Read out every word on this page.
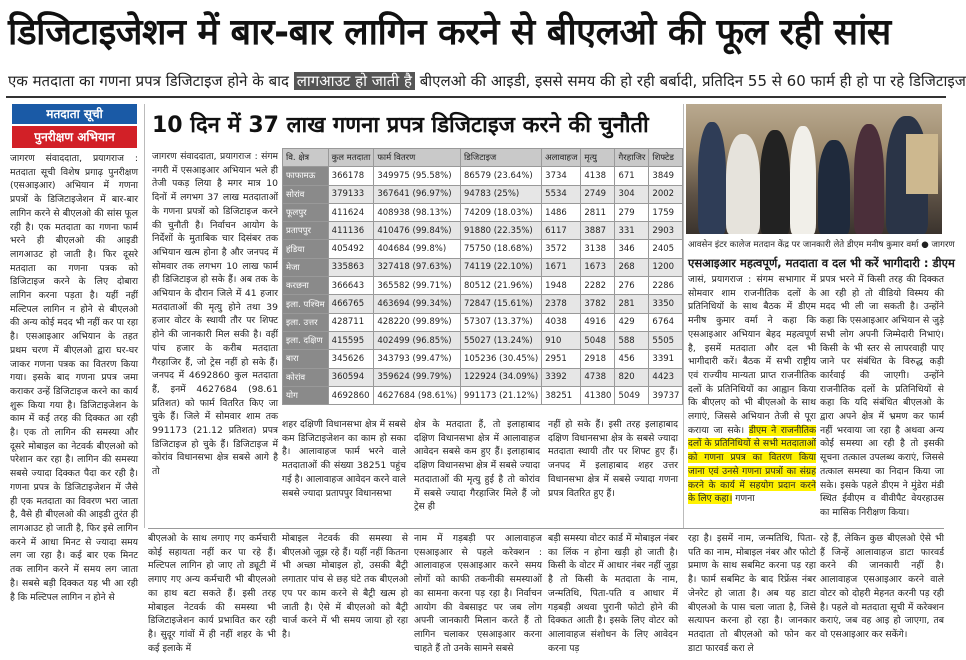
डिजिटाइजेशन में बार-बार लागिन करने से बीएलओ की फूल रही सांस
एक मतदाता का गणना प्रपत्र डिजिटाइज होने के बाद लागआउट हो जाती है बीएलओ की आइडी, इससे समय की हो रही बर्बादी, प्रतिदिन 55 से 60 फार्म ही हो पा रहे डिजिटाइज
मतदाता सूची
पुनरीक्षण अभियान

जागरण संवाददाता, प्रयागराज : मतदाता सूची विशेष प्रगाढ़ पुनरीक्षण (एसआइआर) अभियान में गणना प्रपत्रों के डिजिटाइजेशन में बार-बार लागिन करने से बीएलओ की सांस फूल रही है। एक मतदाता का गणना फार्म भरने ही बीएलओ की आइडी लागआउट हो जाती है। फिर दूसरे मतदाता का गणना पत्रक को डिजिटाइज करने के लिए दोबारा लागिन करना पड़ता है। यहीं नहीं मल्टिपल लागिन न होने से बीएलओ की अन्य कोई मदद भी नहीं कर पा रहा है। एसआइआर अभियान के तहत प्रथम चरण में बीएलओ द्वारा घर-घर जाकर गणना पत्रक का वितरण किया गया। इसके बाद गणना प्रपत्र जमा कराकर उन्हें डिजिटाइज करने का कार्य शुरू किया गया है। डिजिटाइजेशन के काम में कई तरह की दिक्कत आ रही है। एक तो लागिन की समस्या और दूसरे मोबाइल का नेटवर्क बीएलओ को परेशान कर रहा है। लागिन की समस्या सबसे ज्यादा दिक्कत पैदा कर रही है। गणना प्रपत्र के डिजिटाइजेशन में जैसे ही एक मतदाता का विवरण भरा जाता है, वैसे ही बीएलओ की आइडी तुरंत ही लागआउट हो जाती है, फिर इसे लागिन करने में आधा मिनट से ज्यादा समय लग जा रहा है। कई बार एक मिनट तक लागिन करने में समय लग जाता है। सबसे बड़ी दिक्कत यह भी आ रही है कि मल्टिपल लागिन न होने से

10 दिन में 37 लाख गणना प्रपत्र डिजिटाइज करने की चुनौती

जागरण संवाददाता, प्रयागराज : संगम नगरी में एसआइआर अभियान भले ही तेजी पकड़ लिया है मगर मात्र 10 दिनों में लगभग 37 लाख मतदाताओं के गणना प्रपत्रों को डिजिटाइज करने की चुनौती है। निर्वाचन आयोग के निर्देशों के मुताबिक चार दिसंबर तक अभियान खत्म होना है और जनपद में सोमवार तक लगभग 10 लाख फार्म ही डिजिटाइज हो सके हैं। अब तक के अभियान के दौरान जिले में 41 हजार मतदाताओं की मृत्यु होने तथा 39 हजार वोटर के स्थायी तौर पर शिफ्ट होने की जानकारी मिल सकी है। वहीं पांच हजार के करीब मतदाता गैरहाजिर हैं, जो ट्रेस नहीं हो सके हैं। जनपद में 4692860 कुल मतदाता हैं, इनमें 4627684 (98.61 प्रतिशत) को फार्म वितरित किए जा चुके हैं। जिले में सोमवार शाम तक 991173 (21.12 प्रतिशत) प्रपत्र डिजिटाइज हो चुके हैं। डिजिटाइज में कोरांव विधानसभा क्षेत्र सबसे आगे है तो

वि. क्षेत्र	कुल मतदाता	फार्म वितरण	डिजिटाइज	अलावाहज	मृत्यु	गैरहाजिर	शिफ्टेड
फाफामऊ	366178	349975 (95.58%)	86579 (23.64%)	3734	4138	671	3849
सोरांव	379133	367641 (96.97%)	94783 (25%)	5534	2749	304	2002
फूलपुर	411624	408938 (98.13%)	74209 (18.03%)	1486	2811	279	1759
प्रतापपुर	411136	410476 (99.84%)	91880 (22.35%)	6117	3887	331	2903
हंडिया	405492	404684 (99.8%)	75750 (18.68%)	3572	3138	346	2405
मेजा	335863	327418 (97.63%)	74119 (22.10%)	1671	1673	268	1200
करछना	366643	365582 (99.71%)	80512 (21.96%)	1948	2282	276	2286
इला. पश्चिम	466765	463694 (99.34%)	72847 (15.61%)	2378	3782	281	3350
इला. उत्तर	428711	428220 (99.89%)	57307 (13.37%)	4038	4916	429	6764
इला. दक्षिण	415595	402499 (96.85%)	55027 (13.24%)	910	5048	588	5505
बारा	345626	343793 (99.47%)	105236 (30.45%)	2951	2918	456	3391
कोरांव	360594	359624 (99.79%)	122924 (34.09%)	3392	4738	820	4423
योग	4692860	4627684 (98.61%)	991173 (21.12%)	38251	41380	5049	39737

शहर दक्षिणी विधानसभा क्षेत्र में सबसे कम डिजिटाइजेशन का काम हो सका है। आलावाहज फार्म भरने वाले मतदाताओं की संख्या 38251 पहुंच गई है। आलावाहज आवेदन करने वाले सबसे ज्यादा प्रतापपुर विधानसभा

क्षेत्र के मतदाता हैं, तो इलाहाबाद दक्षिण विधानसभा क्षेत्र में आलावाहज आवेदन सबसे कम हुए हैं। इलाहाबाद दक्षिण विधानसभा क्षेत्र में सबसे ज्यादा मतदाताओं की मृत्यु हुई है तो कोरांव में सबसे ज्यादा गैरहाजिर मिले हैं जो ट्रेस ही

नहीं हो सके हैं। इसी तरह इलाहाबाद दक्षिण विधानसभा क्षेत्र के सबसे ज्यादा मतदाता स्थायी तौर पर शिफ्ट हुए हैं। जनपद में इलाहाबाद शहर उत्तर विधानसभा क्षेत्र में सबसे ज्यादा गणना प्रपत्र वितरित हुए हैं।

आवसेन इंटर कालेज मतदान केंद्र पर जानकारी लेते डीएम मनीष कुमार वर्मा ● जागरण
एसआइआर महत्वपूर्ण, मतदाता व दल भी करें भागीदारी : डीएम

जासं, प्रयागराज : संगम सभागार में सोमवार शाम राजनीतिक दलों के प्रतिनिधियों के साथ बैठक में डीएम मनीष कुमार वर्मा ने कहा कि एसआइआर अभियान बेहद महत्वपूर्ण है, इसमें मतदाता और दल भी भागीदारी करें। बैठक में सभी राष्ट्रीय एवं राज्यीय मान्यता प्राप्त राजनीतिक दलों के प्रतिनिधियों का आह्वान किया कि बीएलए को भी बीएलओ के साथ लगाएं, जिससे अभियान तेजी से पूरा कराया जा सके। डीएम ने राजनीतिक दलों के प्रतिनिधियों से सभी मतदाताओं को गणना प्रपत्र का वितरण किया जाना एवं उनसे गणना प्रपत्रों का संग्रह करने के कार्य में सहयोग प्रदान करने के लिए कहा। गणना

प्रपत्र भरने में किसी तरह की दिक्कत आ रही हो तो वीडियो विस्मय की मदद भी ली जा सकती है। उन्होंने कहा कि एसआइआर अभियान से जुड़े सभी लोग अपनी जिम्मेदारी निभाएं। किसी के भी स्तर से लापरवाही पाए जाने पर संबंधित के विरुद्ध कड़ी कार्रवाई की जाएगी। उन्होंने राजनीतिक दलों के प्रतिनिधियों से कहा कि यदि संबंधित बीएलओ के द्वारा अपने क्षेत्र में भ्रमण कर फार्म नहीं भरवाया जा रहा है अथवा अन्य कोई समस्या आ रही है तो इसकी सूचना तत्काल उपलब्ध कराएं, जिससे तत्काल समस्या का निदान किया जा सके। इसके पहले डीएम ने मुंडेरा मंडी स्थित ईवीएम व वीवीपैट वेयरहाउस का मासिक निरीक्षण किया।

बीएलओ के साथ लगाए गए कर्मचारी कोई सहायता नहीं कर पा रहे हैं। मल्टिपल लागिन हो जाए तो ड्यूटी में लगाए गए अन्य कर्मचारी भी बीएलओ का हाथ बटा सकते हैं। इसी तरह मोबाइल नेटवर्क की समस्या भी डिजिटाइजेशन कार्य प्रभावित कर रही है। सुदूर गांवों में ही नहीं शहर के भी कई इलाके में

मोबाइल नेटवर्क की समस्या से बीएलओ जूझ रहे हैं। यहीं नहीं कितना भी अच्छा मोबाइल हो, उसकी बैट्री लगातार पांच से छह घंटे तक बीएलओ एप पर काम करने से बैट्री खत्म हो जाती है। ऐसे में बीएलओ को बैट्री चार्ज करने में भी समय जाया हो रहा है।

नाम में गड़बड़ी पर आलावाहज एसआइआर से पहले करेक्शन : आलावाहज एसआइआर करने समय लोगों को काफी तकनीकी समस्याओं का सामना करना पड़ रहा है। निर्वाचन आयोग की वेबसाइट पर जब लोग अपनी जानकारी मिलान करते हैं तो लागिन चलाकर एसआइआर करना चाहते हैं तो उनके सामने सबसे

बड़ी समस्या वोटर कार्ड में मोबाइल नंबर का लिंक न होना खड़ी हो जाती है। किसी के वोटर में आधार नंबर नहीं जुड़ा है तो किसी के मतदाता के नाम, जन्मतिथि, पिता-पति व आधार में गड़बड़ी अथवा पुरानी फोटो होने की दिक्कत आती है। इसके लिए वोटर को आलावाहज संशोधन के लिए आवेदन करना पड़

रहा है। इसमें नाम, जन्मतिथि, पिता-पति का नाम, मोबाइल नंबर और फोटो प्रमाण के साथ सबमिट करना पड़ रहा है। फार्म सबमिट के बाद रिफ्रेंस नंबर जेनरेट हो जाता है। अब यह डाटा बीएलओ के पास चला जाता है, जिसे सत्यापन करना हो रहा है। जानकार मतदाता तो बीएलओ को फोन कर डाटा फारवर्ड करा ले

रहे हैं, लेकिन कुछ बीएलओ ऐसे भी हैं जिन्हें आलावाहज डाटा फारवर्ड करने की जानकारी नहीं है। आलावाहज एसआइआर करने वाले वोटर को दोहरी मेहनत करनी पड़ रही है। पहले वो मतदाता सूची में करेक्शन कराएं, जब वह आइ हो जाएगा, तब वो एसआइआर कर सकेंगे।
